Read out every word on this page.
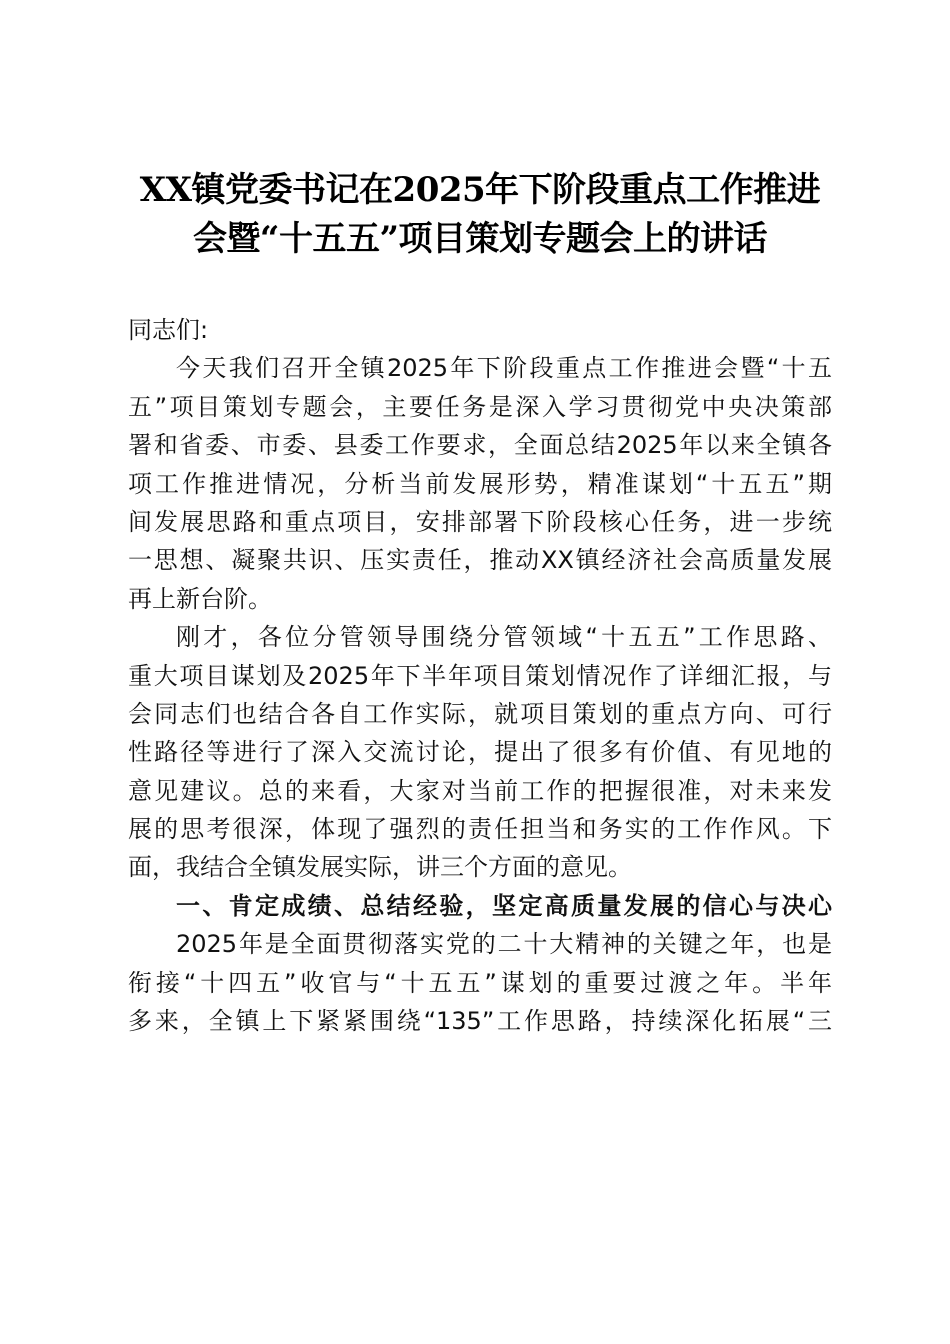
XX镇党委书记在2025年下阶段重点工作推进
会暨“十五五”项目策划专题会上的讲话
同志们:
今天我们召开全镇2025年下阶段重点工作推进会暨“十五
五”项目策划专题会，主要任务是深入学习贯彻党中央决策部
署和省委、市委、县委工作要求，全面总结2025年以来全镇各
项工作推进情况，分析当前发展形势，精准谋划“十五五”期
间发展思路和重点项目，安排部署下阶段核心任务，进一步统
一思想、凝聚共识、压实责任，推动XX镇经济社会高质量发展
再上新台阶。
刚才，各位分管领导围绕分管领域“十五五”工作思路、
重大项目谋划及2025年下半年项目策划情况作了详细汇报，与
会同志们也结合各自工作实际，就项目策划的重点方向、可行
性路径等进行了深入交流讨论，提出了很多有价值、有见地的
意见建议。总的来看，大家对当前工作的把握很准，对未来发
展的思考很深，体现了强烈的责任担当和务实的工作作风。下
面，我结合全镇发展实际，讲三个方面的意见。
一、肯定成绩、总结经验，坚定高质量发展的信心与决心
2025年是全面贯彻落实党的二十大精神的关键之年，也是
衔接“十四五”收官与“十五五”谋划的重要过渡之年。半年
多来，全镇上下紧紧围绕“135”工作思路，持续深化拓展“三
